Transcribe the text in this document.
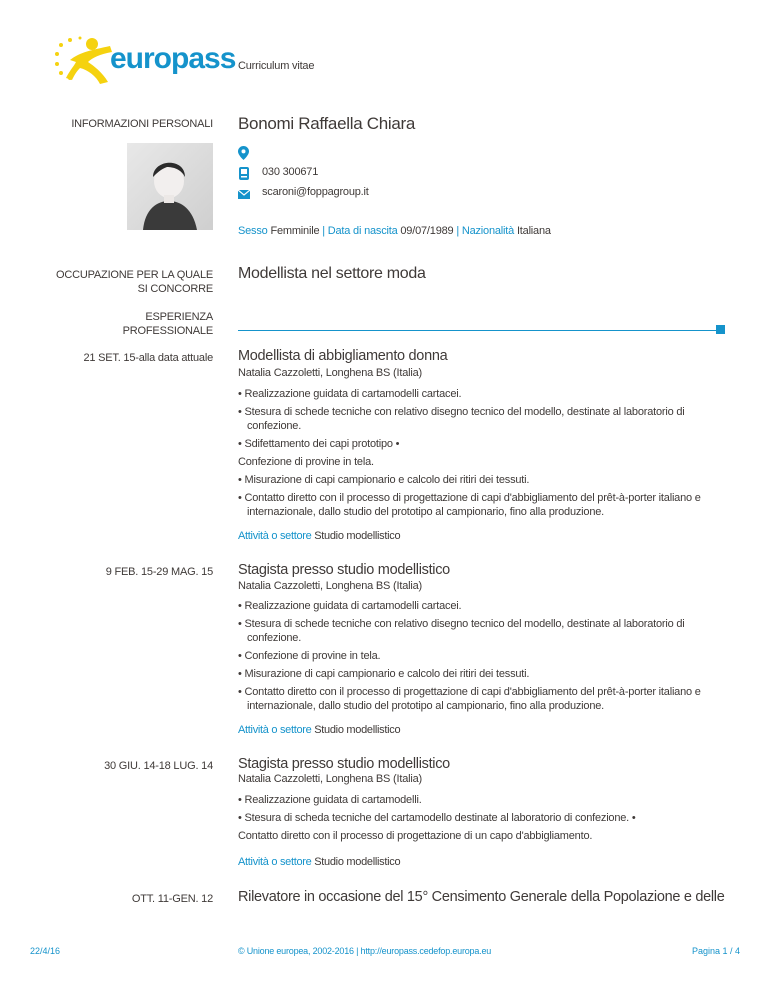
europass Curriculum vitae
INFORMAZIONI PERSONALI Bonomi Raffaella Chiara
030 300671
scaroni@foppagroup.it
Sesso Femminile | Data di nascita 09/07/1989 | Nazionalità Italiana
OCCUPAZIONE PER LA QUALE
SI CONCORRE
Modellista nel settore moda
ESPERIENZA
PROFESSIONALE
21 SET. 15-alla data attuale Modellista di abbigliamento donna
Natalia Cazzoletti, Longhena BS (Italia)
• Realizzazione guidata di cartamodelli cartacei.
• Stesura di schede tecniche con relativo disegno tecnico del modello, destinate al laboratorio di
confezione.
• Sdifettamento dei capi prototipo •
Confezione di provine in tela.
• Misurazione di capi campionario e calcolo dei ritiri dei tessuti.
• Contatto diretto con il processo di progettazione di capi d'abbigliamento del prêt-à-porter italiano e
internazionale, dallo studio del prototipo al campionario, fino alla produzione.
Attività o settore Studio modellistico
9 FEB. 15-29 MAG. 15 Stagista presso studio modellistico
Natalia Cazzoletti, Longhena BS (Italia)
• Realizzazione guidata di cartamodelli cartacei.
• Stesura di schede tecniche con relativo disegno tecnico del modello, destinate al laboratorio di
confezione.
• Confezione di provine in tela.
• Misurazione di capi campionario e calcolo dei ritiri dei tessuti.
• Contatto diretto con il processo di progettazione di capi d'abbigliamento del prêt-à-porter italiano e
internazionale, dallo studio del prototipo al campionario, fino alla produzione.
Attività o settore Studio modellistico
30 GIU. 14-18 LUG. 14 Stagista presso studio modellistico
Natalia Cazzoletti, Longhena BS (Italia)
• Realizzazione guidata di cartamodelli.
• Stesura di scheda tecniche del cartamodello destinate al laboratorio di confezione. •
Contatto diretto con il processo di progettazione di un capo d'abbigliamento.
Attività o settore Studio modellistico
OTT. 11-GEN. 12 Rilevatore in occasione del 15° Censimento Generale della Popolazione e delle
22/4/16	© Unione europea, 2002-2016 | http://europass.cedefop.europa.eu	Pagina 1 / 4
